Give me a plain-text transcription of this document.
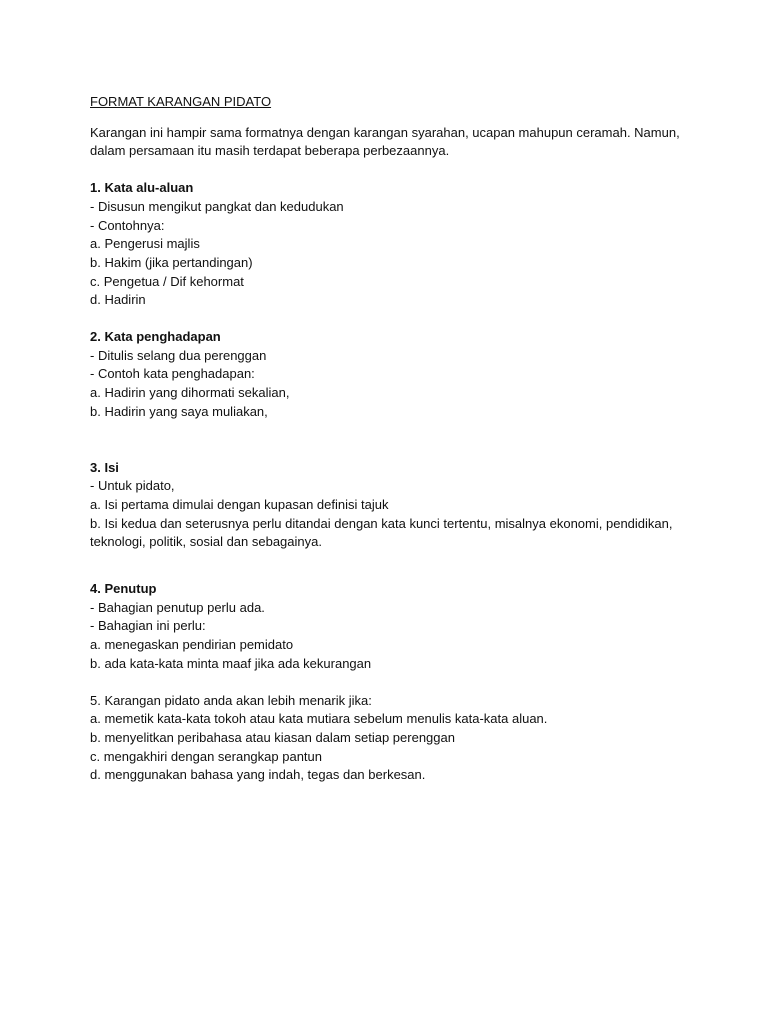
FORMAT KARANGAN PIDATO
Karangan ini hampir sama formatnya dengan karangan syarahan, ucapan mahupun ceramah. Namun, dalam persamaan itu masih terdapat beberapa perbezaannya.
1. Kata alu-aluan
- Disusun mengikut pangkat dan kedudukan
- Contohnya:
a. Pengerusi majlis
b. Hakim (jika pertandingan)
c. Pengetua / Dif kehormat
d. Hadirin
2. Kata penghadapan
- Ditulis selang dua perenggan
- Contoh kata penghadapan:
a. Hadirin yang dihormati sekalian,
b. Hadirin yang saya muliakan,
3. Isi
- Untuk pidato,
a. Isi pertama dimulai dengan kupasan definisi tajuk
b. Isi kedua dan seterusnya perlu ditandai dengan kata kunci tertentu, misalnya ekonomi, pendidikan, teknologi, politik, sosial dan sebagainya.
4. Penutup
- Bahagian penutup perlu ada.
- Bahagian ini perlu:
a. menegaskan pendirian pemidato
b. ada kata-kata minta maaf jika ada kekurangan
5. Karangan pidato anda akan lebih menarik jika:
a. memetik kata-kata tokoh atau kata mutiara sebelum menulis kata-kata aluan.
b. menyelitkan peribahasa atau kiasan dalam setiap perenggan
c. mengakhiri dengan serangkap pantun
d. menggunakan bahasa yang indah, tegas dan berkesan.
